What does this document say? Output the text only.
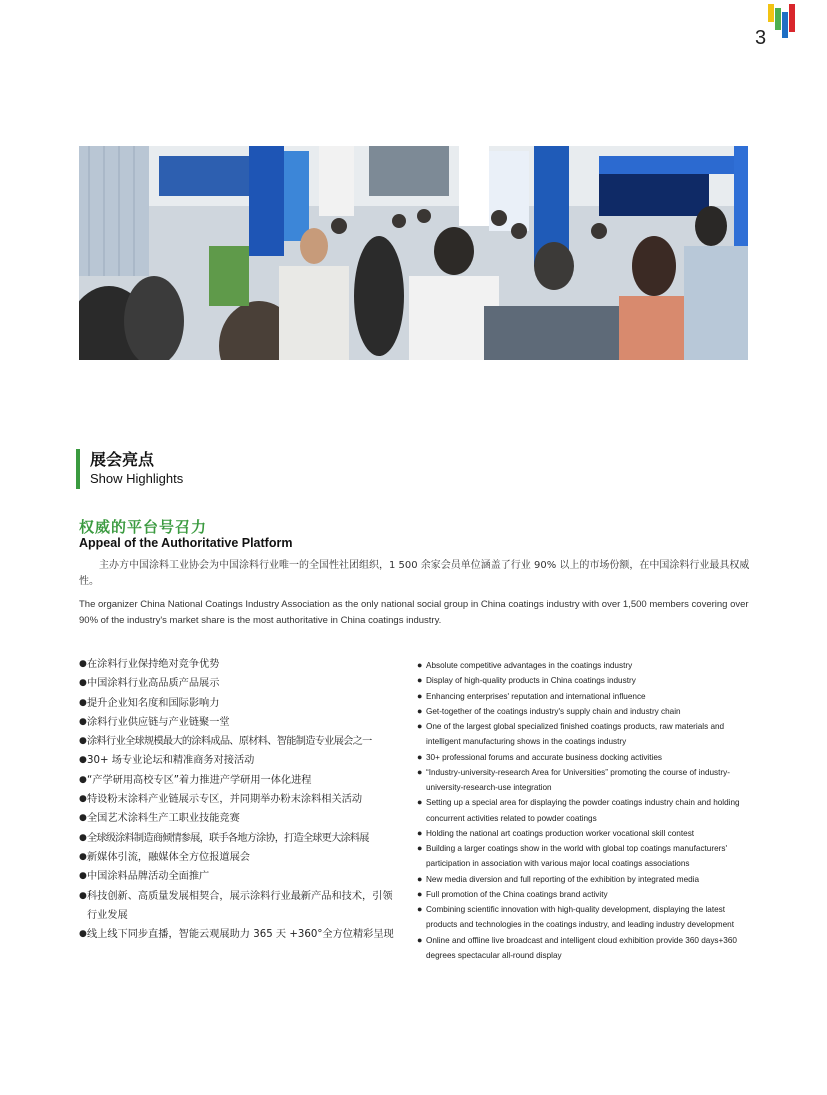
3
展会亮点
Show Highlights
权威的平台号召力
Appeal of the Authoritative Platform
主办方中国涂料工业协会为中国涂料行业唯一的全国性社团组织，1 500 余家会员单位涵盖了行业 90% 以上的市场份额，在中国涂料行业最具权威性。
The organizer China National Coatings Industry Association as the only national social group in China coatings industry with over 1,500 members covering over 90% of the industry's market share is the most authoritative in China coatings industry.
● 在涂料行业保持绝对竞争优势
● 中国涂料行业高品质产品展示
● 提升企业知名度和国际影响力
● 涂料行业供应链与产业链聚一堂
● 涂料行业全球规模最大的涂料成品、原材料、智能制造专业展会之一
● 30+ 场专业论坛和精准商务对接活动
● “产学研用高校专区”着力推进产学研用一体化进程
● 特设粉末涂料产业链展示专区，并同期举办粉末涂料相关活动
● 全国艺术涂料生产工职业技能竞赛
● 全球级涂料制造商倾情参展，联手各地方涂协，打造全球更大涂料展
● 新媒体引流，融媒体全方位报道展会
● 中国涂料品牌活动全面推广
● 科技创新、高质量发展相契合，展示涂料行业最新产品和技术，引领行业发展
● 线上线下同步直播，智能云观展助力 365 天 +360°全方位精彩呈现
● Absolute competitive advantages in the coatings industry
● Display of high-quality products in China coatings industry
● Enhancing enterprises' reputation and international influence
● Get-together of the coatings industry's supply chain and industry chain
● One of the largest global specialized finished coatings products, raw materials and intelligent manufacturing shows in the coatings industry
● 30+ professional forums and accurate business docking activities
● “Industry-university-research Area for Universities” promoting the course of industry-university-research-use integration
● Setting up a special area for displaying the powder coatings industry chain and holding concurrent activities related to powder coatings
● Holding the national art coatings production worker vocational skill contest
● Building a larger coatings show in the world with global top coatings manufacturers' participation in association with various major local coatings associations
● New media diversion and full reporting of the exhibition by integrated media
● Full promotion of the China coatings brand activity
● Combining scientific innovation with high-quality development, displaying the latest products and technologies in the coatings industry, and leading industry development
● Online and offline live broadcast and intelligent cloud exhibition provide 360 days+360 degrees spectacular all-round display
